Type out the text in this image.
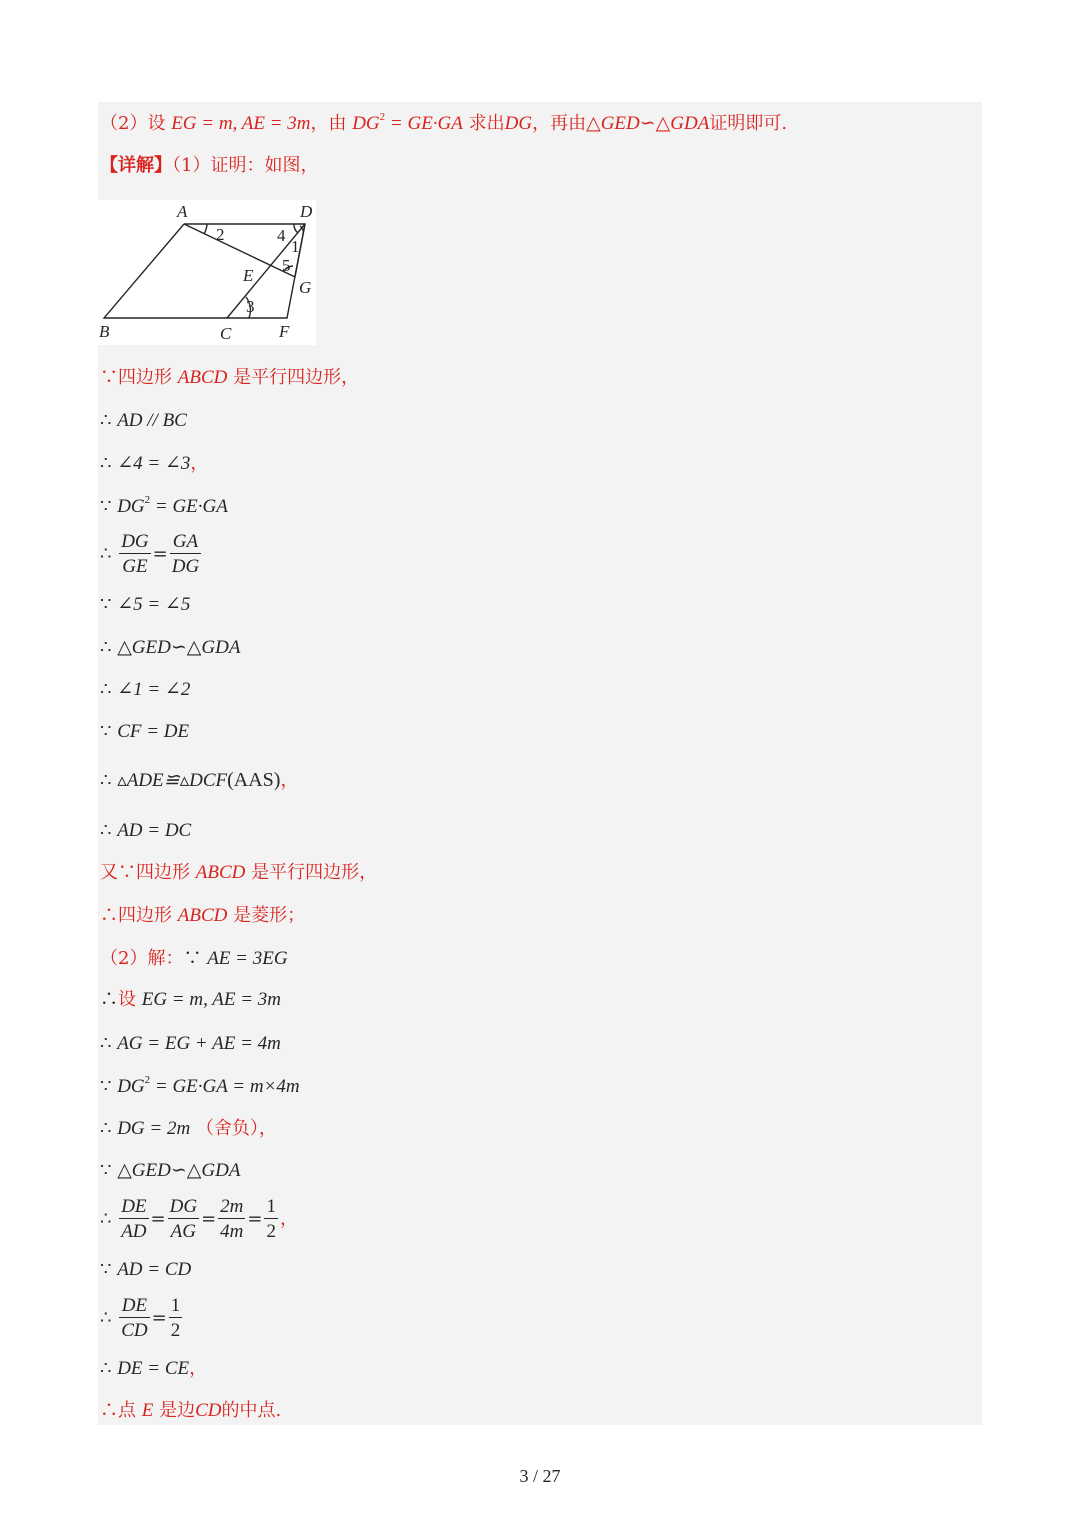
（2）设 EG = m, AE = 3m，由 $DG^2 = GE\cdot GA$ 求出DG，再由△GED∽△GDA证明即可.
【详解】（1）证明：如图，
A	D
B	C	F
E
G
1
2
3
4
5
∵四边形 ABCD 是平行四边形，
∴ AD // BC
∴ ∠4 = ∠3，
∵ $DG^2 = GE\cdot GA$
∴ $\frac{DG}{GE} = \frac{GA}{DG}$
∵ ∠5 = ∠5
∴ △GED∽△GDA
∴ ∠1 = ∠2
∵ CF = DE
∴ ▵ADE≌▵DCF(AAS)，
∴ AD = DC
又∵四边形 ABCD 是平行四边形，
∴四边形 ABCD 是菱形；
（2）解：∵ AE = 3EG
∴设 EG = m, AE = 3m
∴ AG = EG + AE = 4m
∵ $DG^2 = GE\cdot GA = m\times 4m$
∴ DG = 2m （舍负），
∵ △GED∽△GDA
∴ $\frac{DE}{AD} = \frac{DG}{AG} = \frac{2m}{4m} = \frac{1}{2}$ ，
∵ AD = CD
∴ $\frac{DE}{CD} = \frac{1}{2}$
∴ DE = CE，
∴点 E 是边CD的中点.
3 / 27
